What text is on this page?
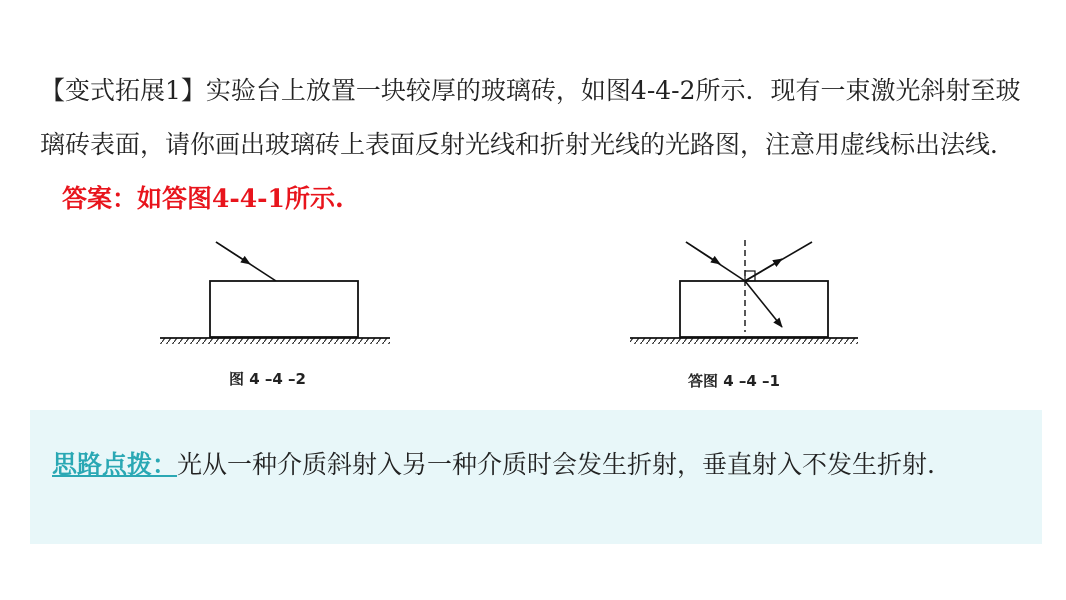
【变式拓展1】实验台上放置一块较厚的玻璃砖，如图4-4-2所示．现有一束激光斜射至玻璃砖表面，请你画出玻璃砖上表面反射光线和折射光线的光路图，注意用虚线标出法线．答案：如答图4-4-1所示.

图 4 –4 –2	答图 4 –4 –1

思路点拨：光从一种介质斜射入另一种介质时会发生折射，垂直射入不发生折射.
